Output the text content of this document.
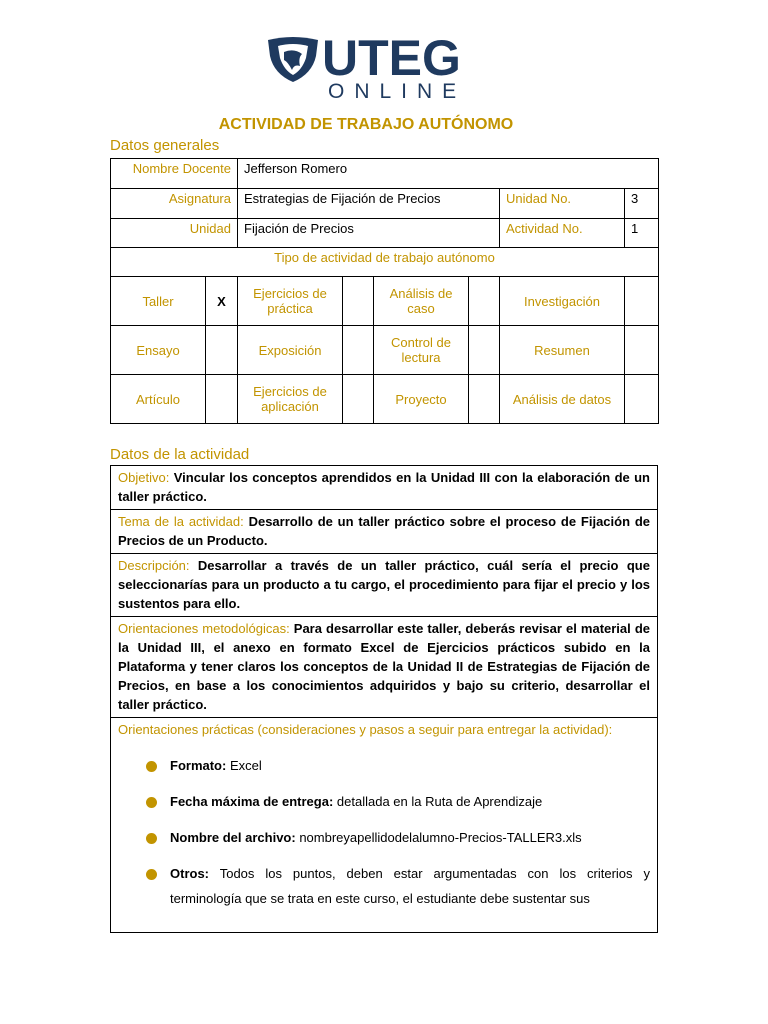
UTEG
ONLINE
ACTIVIDAD DE TRABAJO AUTÓNOMO
Datos generales
Nombre Docente		Jefferson Romero					
Asignatura		Estrategias de Fijación de Precios				Unidad No.	3
Unidad		Fijación de Precios				Actividad No.	1
Tipo de actividad de trabajo autónomo							
Taller	X	Ejercicios de práctica		Análisis de caso		Investigación	
Ensayo		Exposición		Control de lectura		Resumen	
Artículo		Ejercicios de aplicación		Proyecto		Análisis de datos	
Datos de la actividad
Objetivo: Vincular los conceptos aprendidos en la Unidad III con la elaboración de un taller práctico.
Tema de la actividad: Desarrollo de un taller práctico sobre el proceso de Fijación de Precios de un Producto.
Descripción: Desarrollar a través de un taller práctico, cuál sería el precio que seleccionarías para un producto a tu cargo, el procedimiento para fijar el precio y los sustentos para ello.
Orientaciones metodológicas: Para desarrollar este taller, deberás revisar el material de la Unidad III, el anexo en formato Excel de Ejercicios prácticos subido en la Plataforma y tener claros los conceptos de la Unidad II de Estrategias de Fijación de Precios, en base a los conocimientos adquiridos y bajo su criterio, desarrollar el taller práctico.
Orientaciones prácticas (consideraciones y pasos a seguir para entregar la actividad):
Formato: Excel
Fecha máxima de entrega: detallada en la Ruta de Aprendizaje
Nombre del archivo: nombreyapellidodelalumno-Precios-TALLER3.xls
Otros: Todos los puntos, deben estar argumentadas con los criterios y terminología que se trata en este curso, el estudiante debe sustentar sus
